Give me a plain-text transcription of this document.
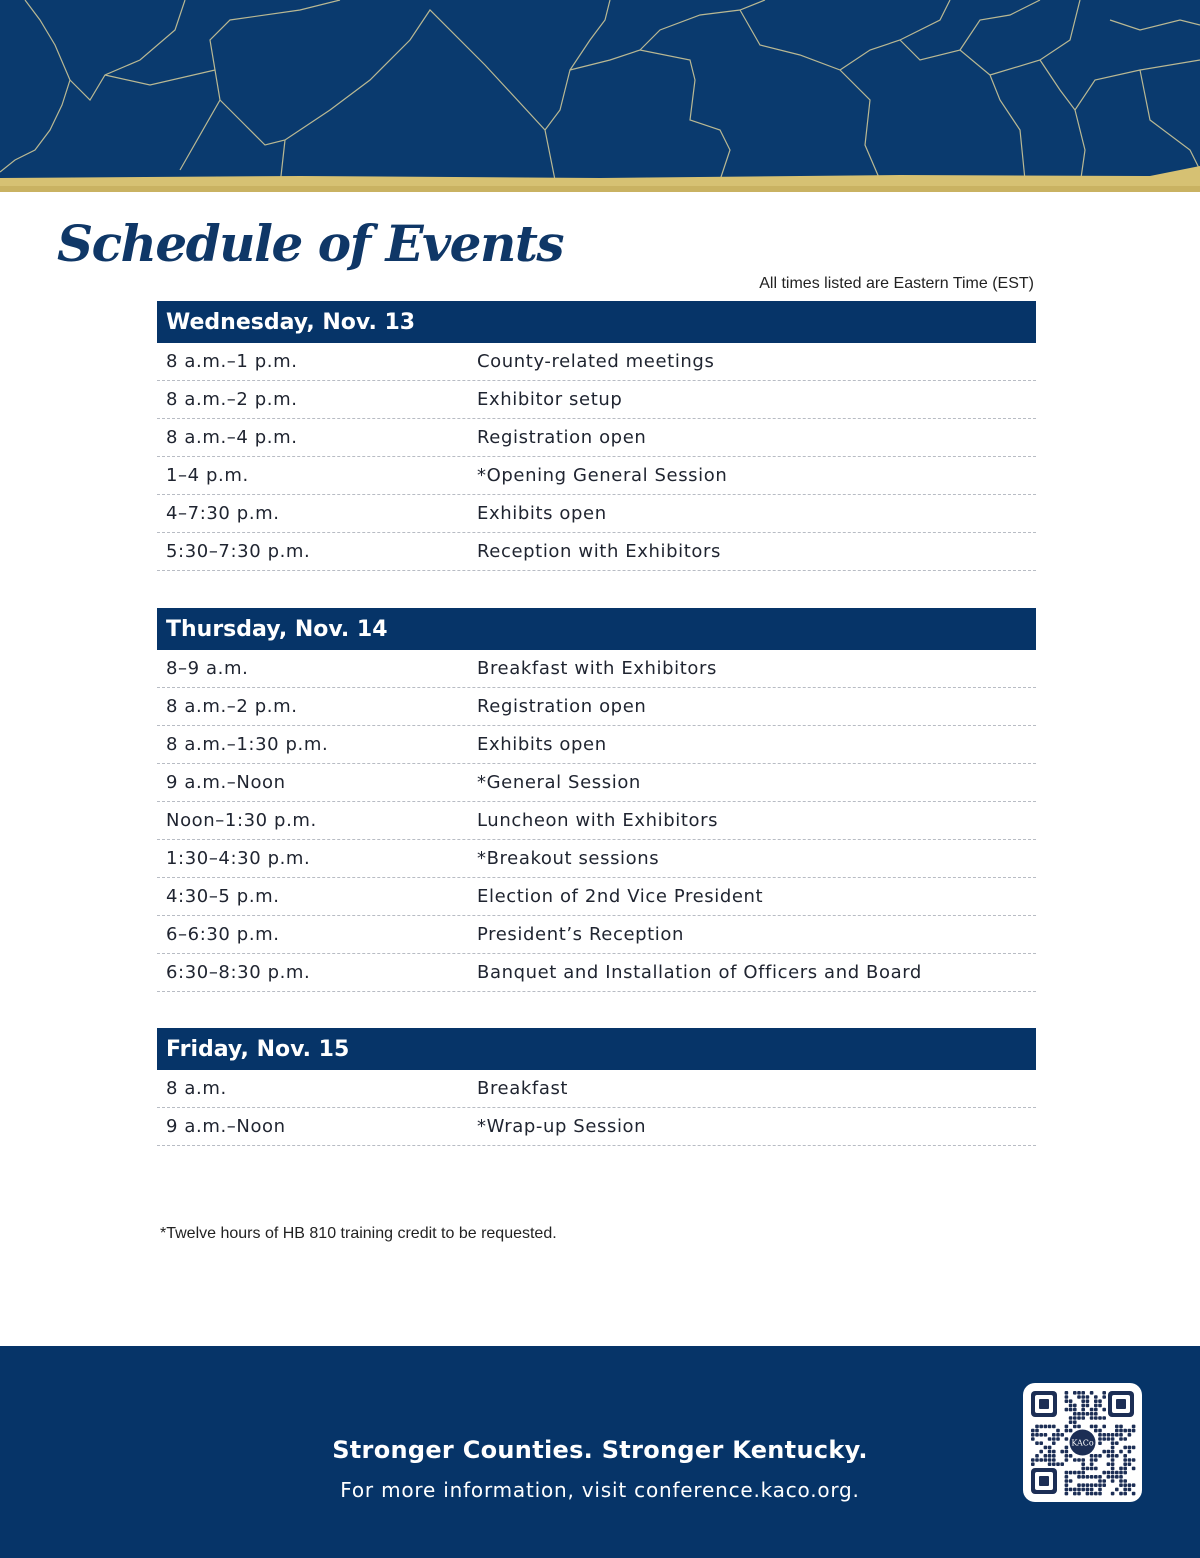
Schedule of Events

All times listed are Eastern Time (EST)

Wednesday, Nov. 13
8 a.m.–1 p.m.	County-related meetings
8 a.m.–2 p.m.	Exhibitor setup
8 a.m.–4 p.m.	Registration open
1–4 p.m.	*Opening General Session
4–7:30 p.m.	Exhibits open
5:30–7:30 p.m.	Reception with Exhibitors
Thursday, Nov. 14
8–9 a.m.	Breakfast with Exhibitors
8 a.m.–2 p.m.	Registration open
8 a.m.–1:30 p.m.	Exhibits open
9 a.m.–Noon	*General Session
Noon–1:30 p.m.	Luncheon with Exhibitors
1:30–4:30 p.m.	*Breakout sessions
4:30–5 p.m.	Election of 2nd Vice President
6–6:30 p.m.	President’s Reception
6:30–8:30 p.m.	Banquet and Installation of Officers and Board
Friday, Nov. 15
8 a.m.	Breakfast
9 a.m.–Noon	*Wrap-up Session

*Twelve hours of HB 810 training credit to be requested.

Stronger Counties. Stronger Kentucky.

For more information, visit conference.kaco.org.

KACo
